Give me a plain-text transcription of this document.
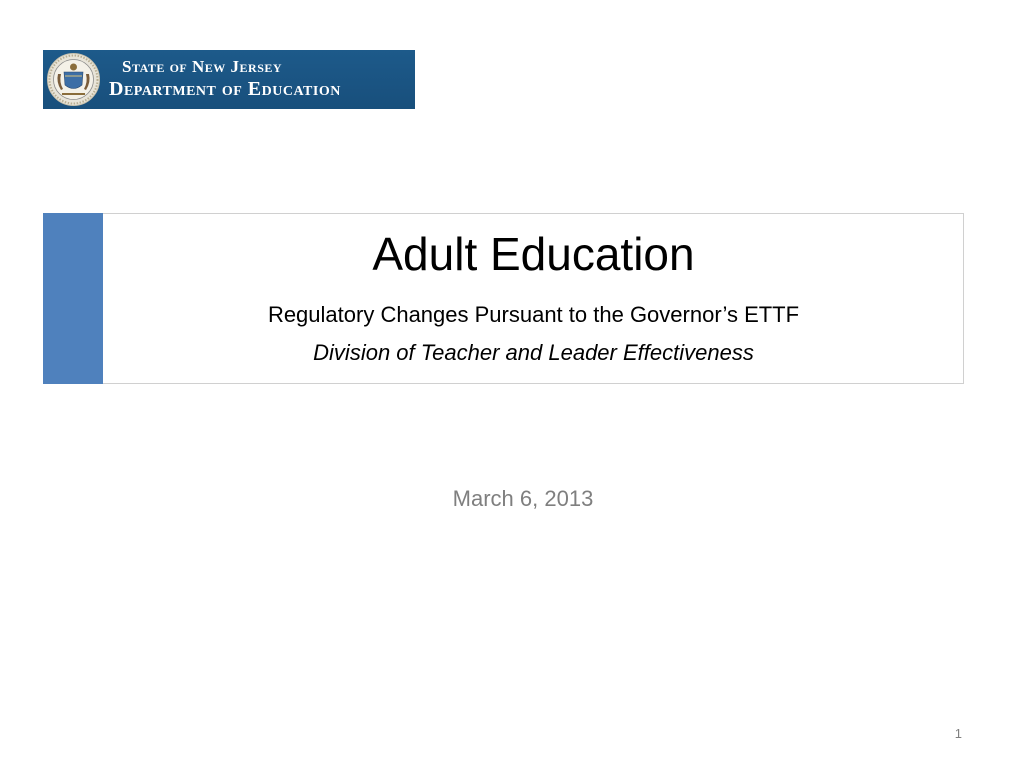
State of New Jersey
Department of Education
Adult Education
Regulatory Changes Pursuant to the Governor’s ETTF
Division of Teacher and Leader Effectiveness
March 6, 2013
1
